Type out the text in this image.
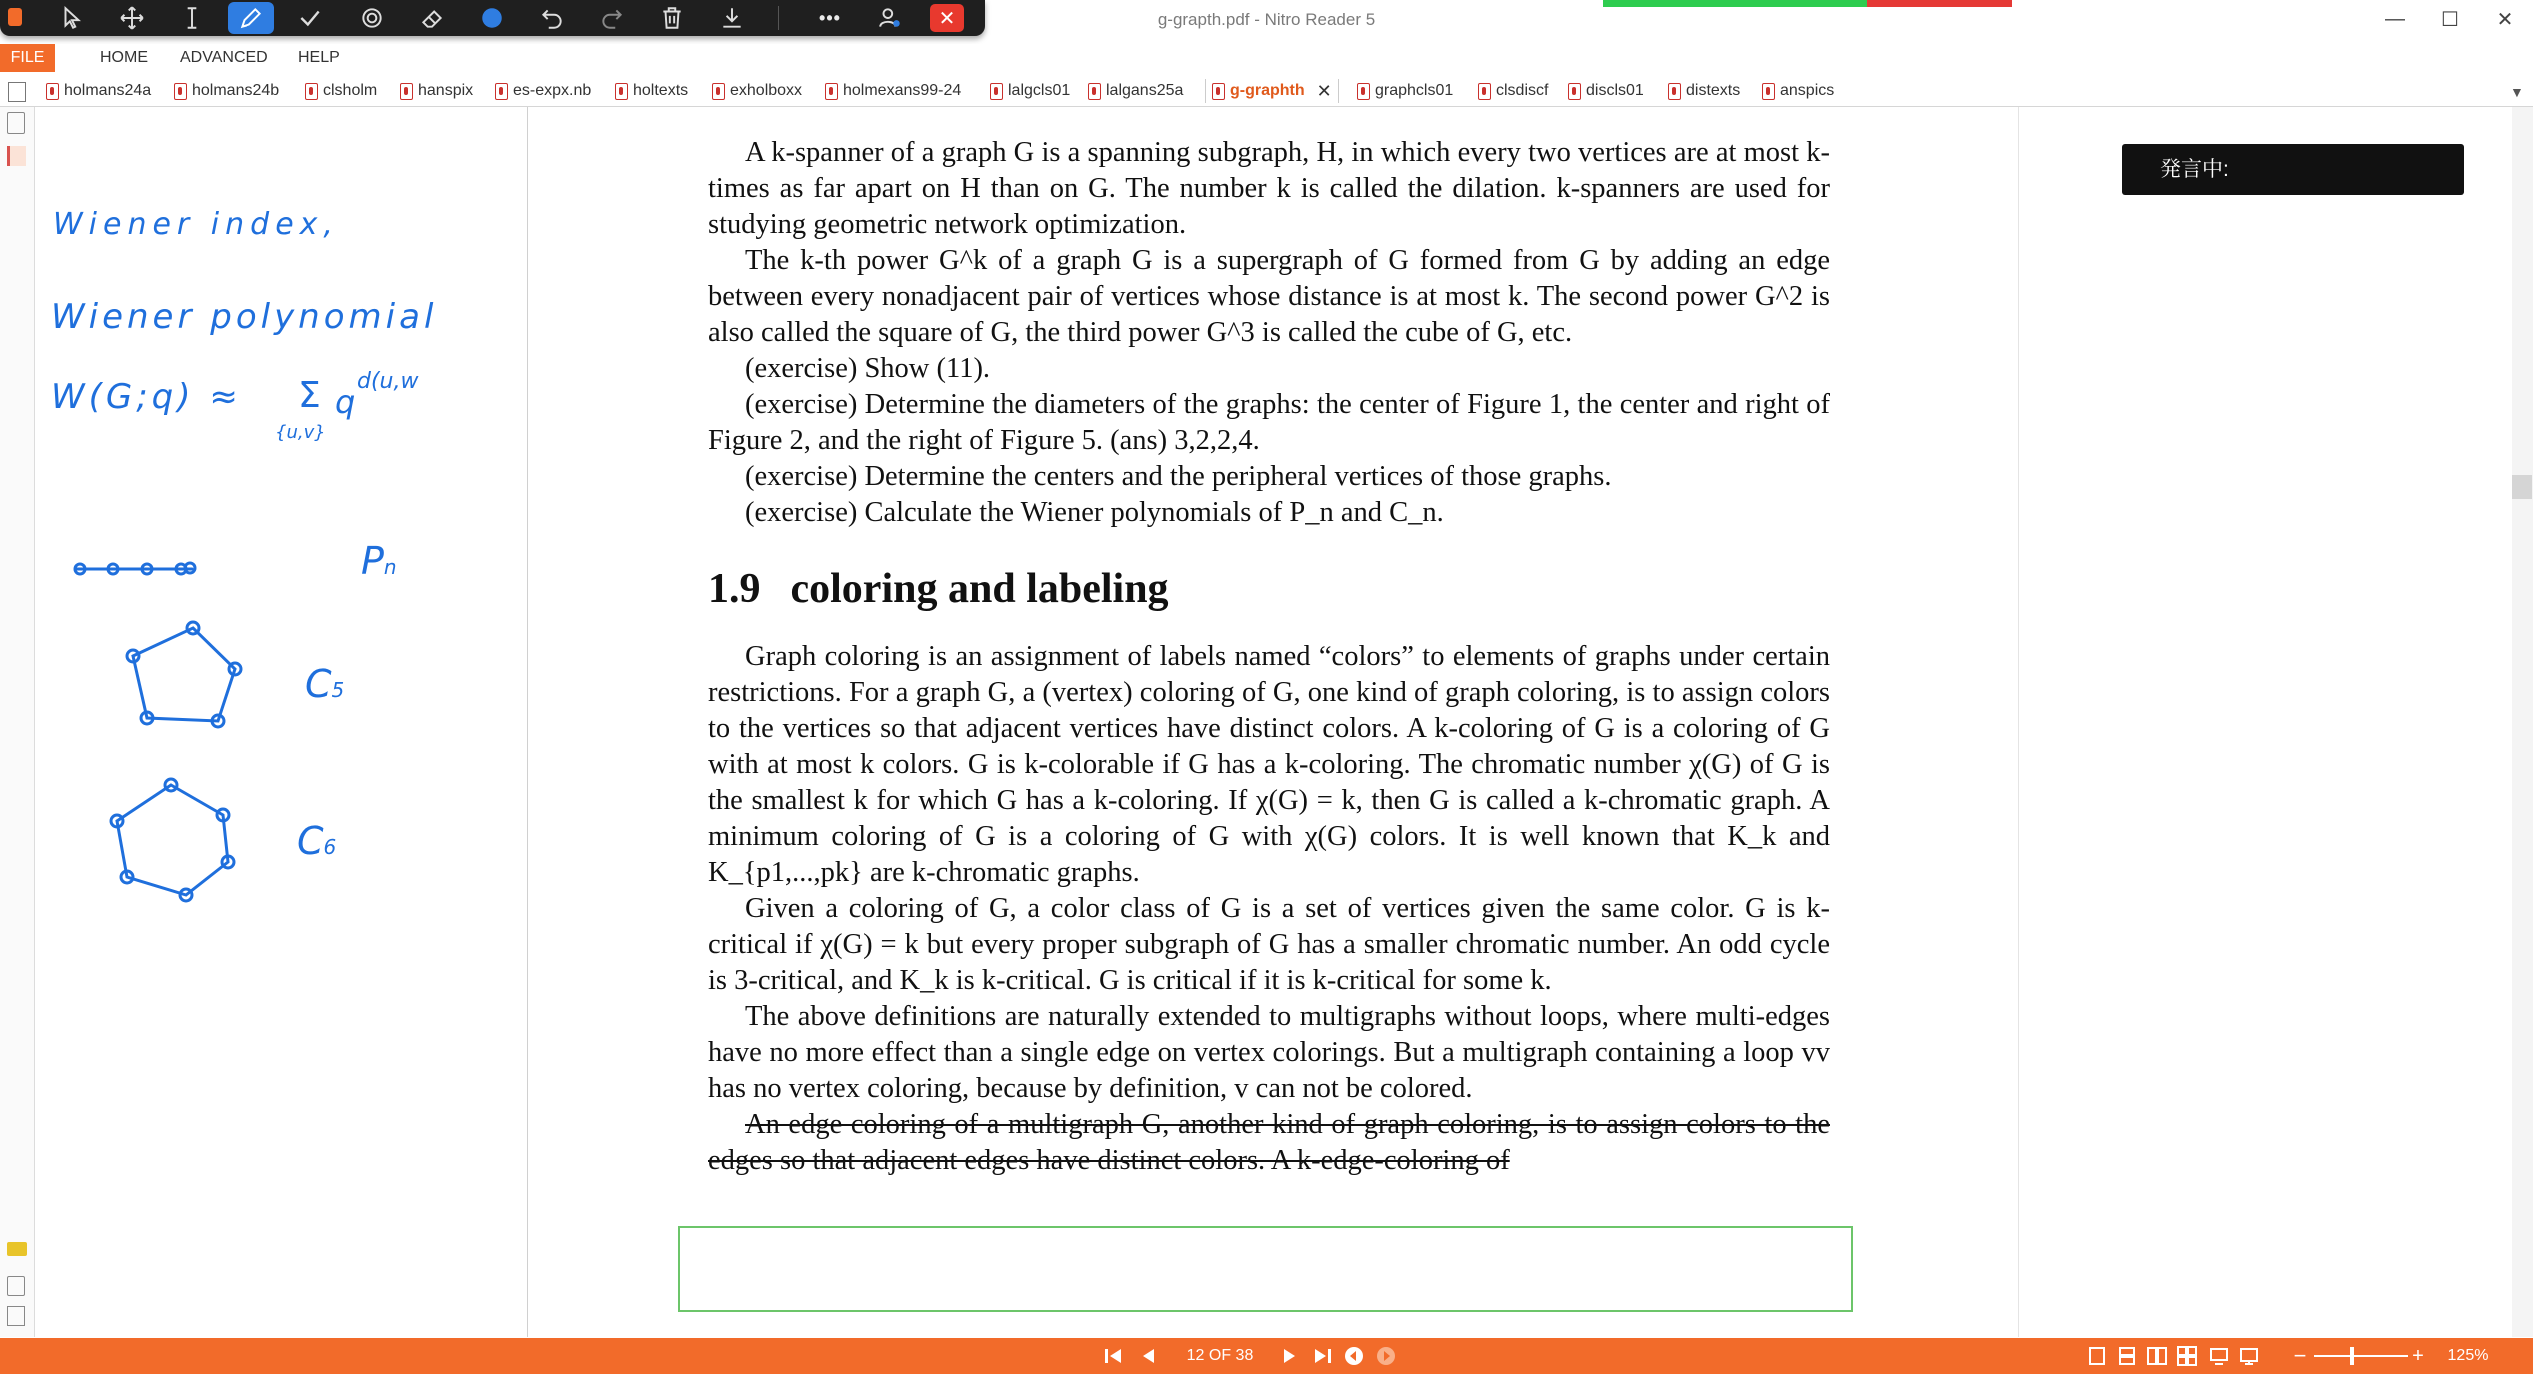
g-grapth.pdf - Nitro Reader 5	—	☐	✕
•••	✕
FILE	HOME	ADVANCED	HELP
holmans24a	holmans24b	clsholm	hanspix es-expx.nb	holtexts	exholboxx	holmexans99-24	lalgcls01 lalgans25a	g-graphth ✕	graphcls01	clsdiscf discls01	distexts anspics	▼
Wiener index,
Wiener polynomial
W(G;q) ≈ Σ q
d(u,w
{u,v}
Pn
C5
C6

A k-spanner of a graph G is a spanning subgraph, H, in which every two vertices are at most k-times as far apart on H than on G. The number k is called the dilation. k-spanners are used for studying geometric network optimization.

The k-th power G^k of a graph G is a supergraph of G formed from G by adding an edge between every nonadjacent pair of vertices whose distance is at most k. The second power G^2 is also called the square of G, the third power G^3 is called the cube of G, etc.

(exercise) Show (11).

(exercise) Determine the diameters of the graphs: the center of Figure 1, the center and right of Figure 2, and the right of Figure 5. (ans) 3,2,2,4.

(exercise) Determine the centers and the peripheral vertices of those graphs.

(exercise) Calculate the Wiener polynomials of P_n and C_n.

1.9 coloring and labeling

Graph coloring is an assignment of labels named “colors” to elements of graphs under certain restrictions. For a graph G, a (vertex) coloring of G, one kind of graph coloring, is to assign colors to the vertices so that adjacent vertices have distinct colors. A k-coloring of G is a coloring of G with at most k colors. G is k-colorable if G has a k-coloring. The chromatic number χ(G) of G is the smallest k for which G has a k-coloring. If χ(G) = k, then G is called a k-chromatic graph. A minimum coloring of G is a coloring of G with χ(G) colors. It is well known that K_k and K_{p1,...,pk} are k-chromatic graphs.

Given a coloring of G, a color class of G is a set of vertices given the same color. G is k-critical if χ(G) = k but every proper subgraph of G has a smaller chromatic number. An odd cycle is 3-critical, and K_k is k-critical. G is critical if it is k-critical for some k.

The above definitions are naturally extended to multigraphs without loops, where multi-edges have no more effect than a single edge on vertex colorings. But a multigraph containing a loop vv has no vertex coloring, because by definition, v can not be colored.

An edge coloring of a multigraph G, another kind of graph coloring, is to assign colors to the edges so that adjacent edges have distinct colors. A k-edge-coloring of

発言中:
12 OF 38	−	+	125%
